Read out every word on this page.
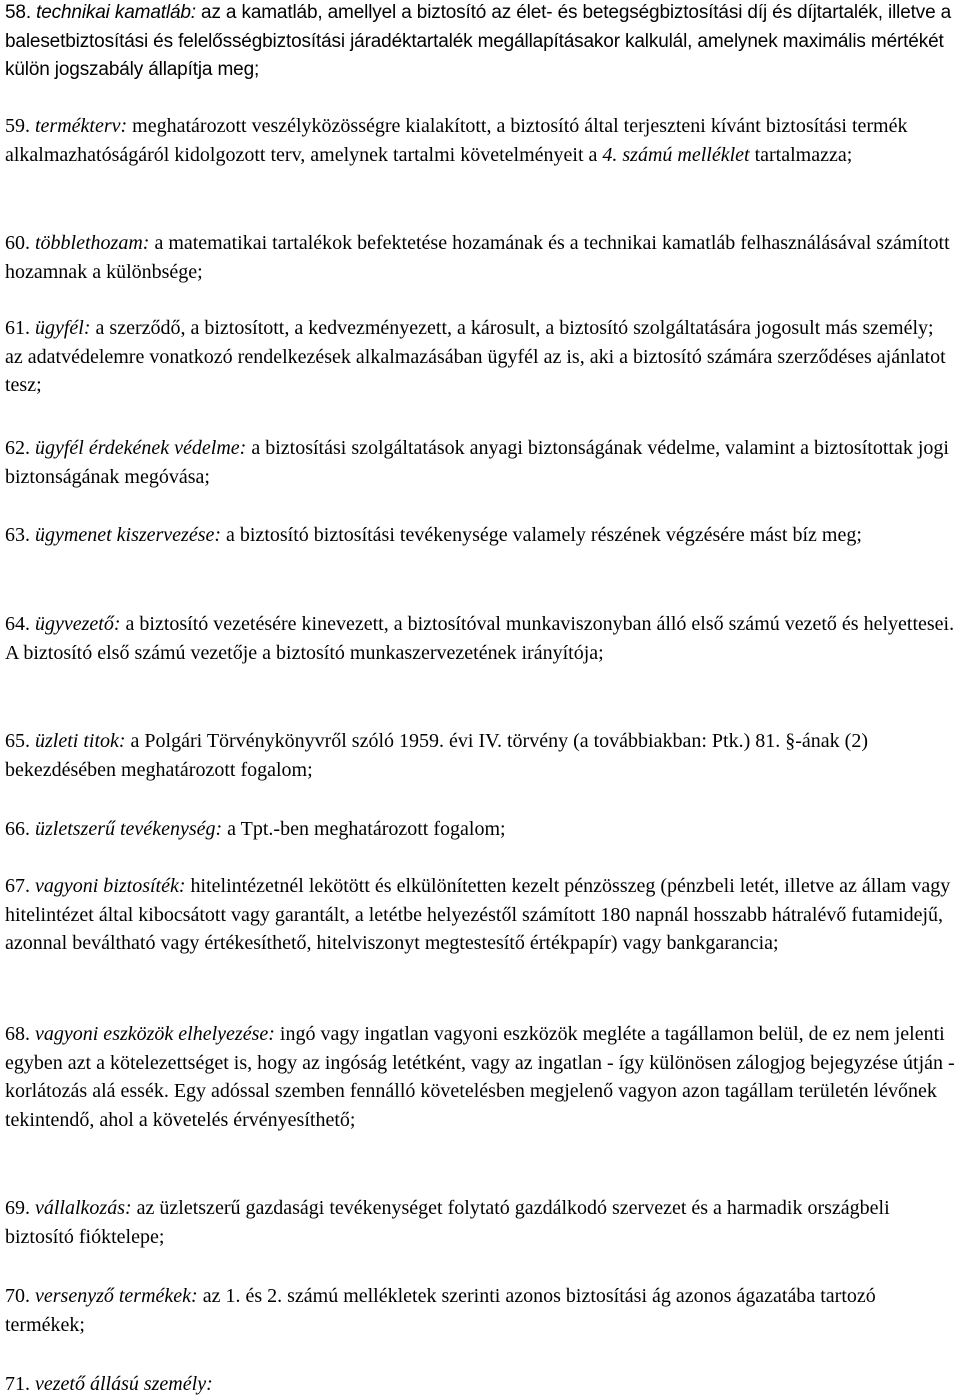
58. technikai kamatláb: az a kamatláb, amellyel a biztosító az élet- és betegségbiztosítási díj és díjtartalék, illetve a balesetbiztosítási és felelősségbiztosítási járadéktartalék megállapításakor kalkulál, amelynek maximális mértékét külön jogszabály állapítja meg;

59. termékterv: meghatározott veszélyközösségre kialakított, a biztosító által terjeszteni kívánt biztosítási termék alkalmazhatóságáról kidolgozott terv, amelynek tartalmi követelményeit a 4. számú melléklet tartalmazza;

60. többlethozam: a matematikai tartalékok befektetése hozamának és a technikai kamatláb felhasználásával számított hozamnak a különbsége;

61. ügyfél: a szerződő, a biztosított, a kedvezményezett, a károsult, a biztosító szolgáltatására jogosult más személy; az adatvédelemre vonatkozó rendelkezések alkalmazásában ügyfél az is, aki a biztosító számára szerződéses ajánlatot tesz;

62. ügyfél érdekének védelme: a biztosítási szolgáltatások anyagi biztonságának védelme, valamint a biztosítottak jogi biztonságának megóvása;

63. ügymenet kiszervezése: a biztosító biztosítási tevékenysége valamely részének végzésére mást bíz meg;

64. ügyvezető: a biztosító vezetésére kinevezett, a biztosítóval munkaviszonyban álló első számú vezető és helyettesei. A biztosító első számú vezetője a biztosító munkaszervezetének irányítója;

65. üzleti titok: a Polgári Törvénykönyvről szóló 1959. évi IV. törvény (a továbbiakban: Ptk.) 81. §-ának (2) bekezdésében meghatározott fogalom;

66. üzletszerű tevékenység: a Tpt.-ben meghatározott fogalom;

67. vagyoni biztosíték: hitelintézetnél lekötött és elkülönítetten kezelt pénzösszeg (pénzbeli letét, illetve az állam vagy hitelintézet által kibocsátott vagy garantált, a letétbe helyezéstől számított 180 napnál hosszabb hátralévő futamidejű, azonnal beváltható vagy értékesíthető, hitelviszonyt megtestesítő értékpapír) vagy bankgarancia;

68. vagyoni eszközök elhelyezése: ingó vagy ingatlan vagyoni eszközök megléte a tagállamon belül, de ez nem jelenti egyben azt a kötelezettséget is, hogy az ingóság letétként, vagy az ingatlan - így különösen zálogjog bejegyzése útján - korlátozás alá essék. Egy adóssal szemben fennálló követelésben megjelenő vagyon azon tagállam területén lévőnek tekintendő, ahol a követelés érvényesíthető;

69. vállalkozás: az üzletszerű gazdasági tevékenységet folytató gazdálkodó szervezet és a harmadik országbeli biztosító fióktelepe;

70. versenyző termékek: az 1. és 2. számú mellékletek szerinti azonos biztosítási ág azonos ágazatába tartozó termékek;

71. vezető állású személy:
